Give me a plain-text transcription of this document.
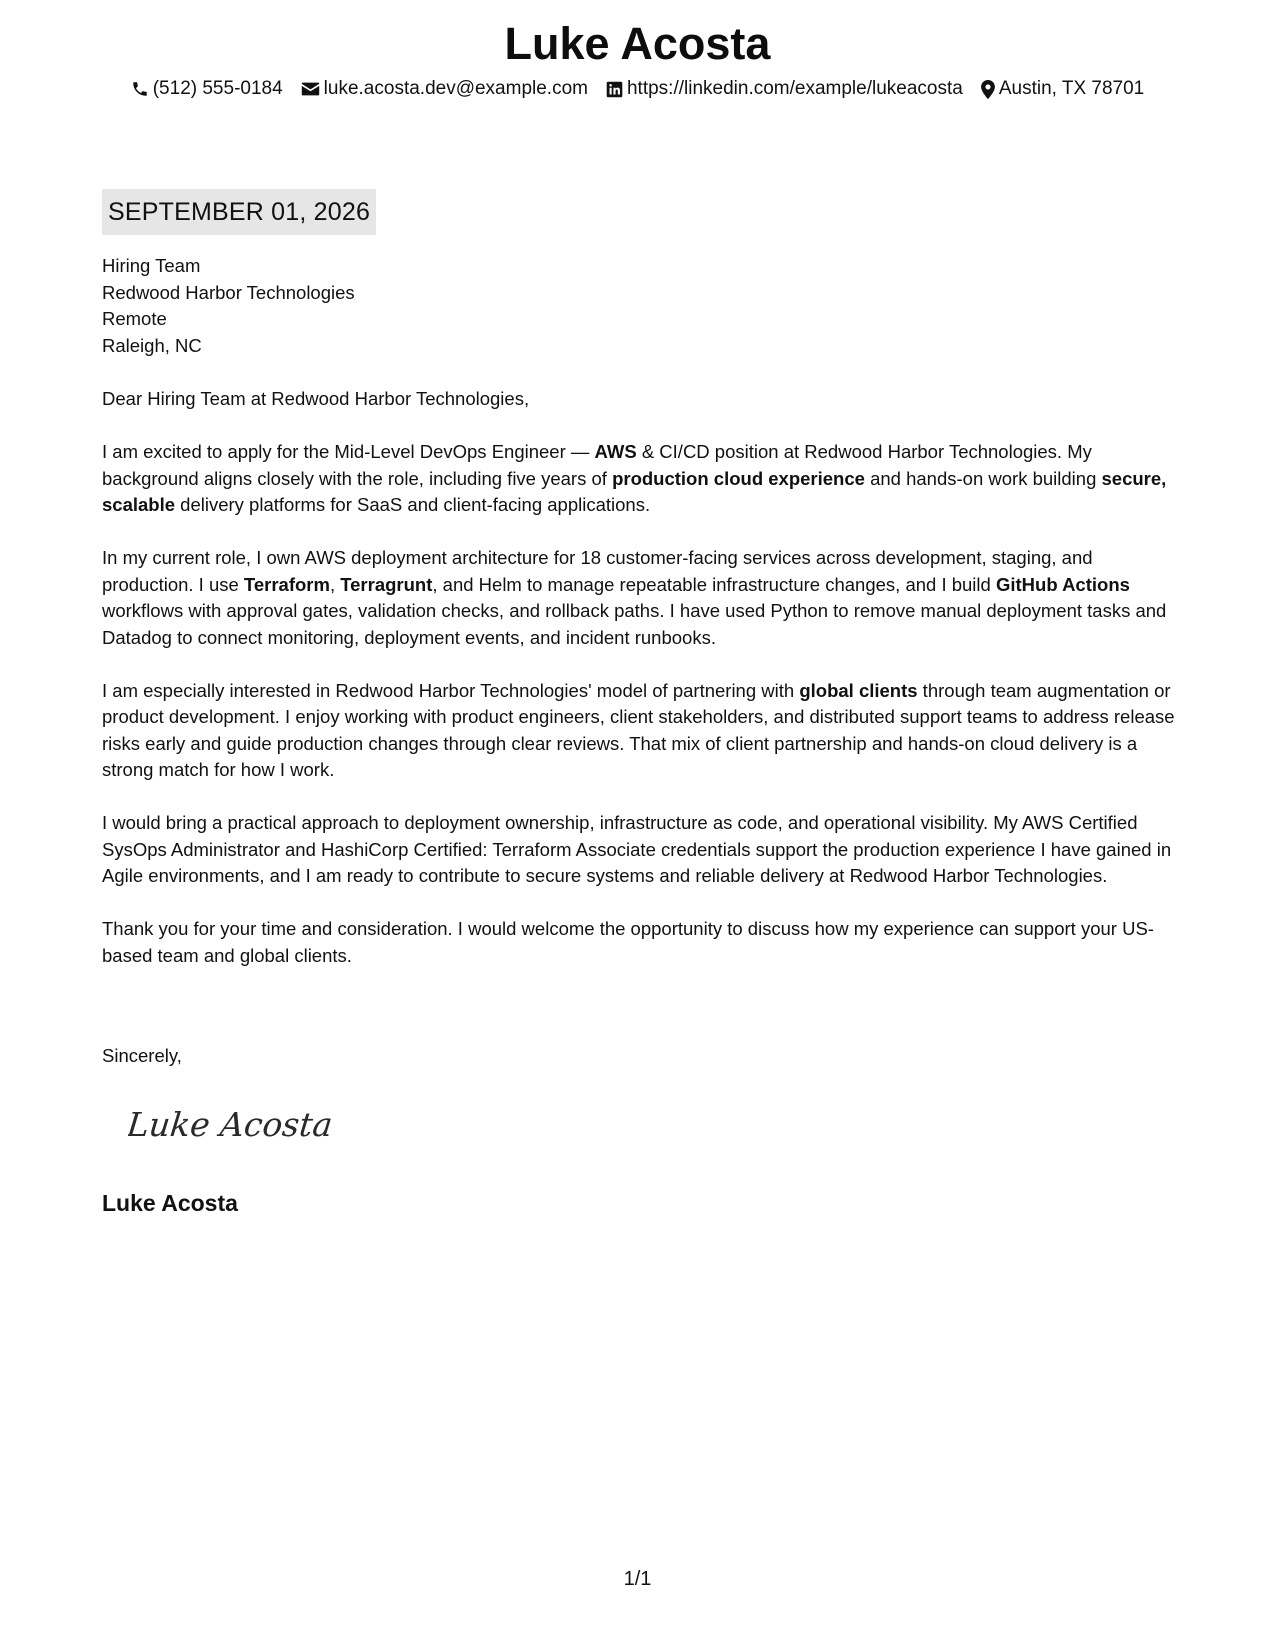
Luke Acosta
(512) 555-0184 luke.acosta.dev@example.com https://linkedin.com/example/lukeacosta Austin, TX 78701
SEPTEMBER 01, 2026
Hiring Team
Redwood Harbor Technologies
Remote
Raleigh, NC
Dear Hiring Team at Redwood Harbor Technologies,

I am excited to apply for the Mid-Level DevOps Engineer — AWS & CI/CD position at Redwood Harbor Technologies. My background aligns closely with the role, including five years of production cloud experience and hands-on work building secure, scalable delivery platforms for SaaS and client-facing applications.

In my current role, I own AWS deployment architecture for 18 customer-facing services across development, staging, and production. I use Terraform, Terragrunt, and Helm to manage repeatable infrastructure changes, and I build GitHub Actions workflows with approval gates, validation checks, and rollback paths. I have used Python to remove manual deployment tasks and Datadog to connect monitoring, deployment events, and incident runbooks.

I am especially interested in Redwood Harbor Technologies' model of partnering with global clients through team augmentation or product development. I enjoy working with product engineers, client stakeholders, and distributed support teams to address release risks early and guide production changes through clear reviews. That mix of client partnership and hands-on cloud delivery is a strong match for how I work.

I would bring a practical approach to deployment ownership, infrastructure as code, and operational visibility. My AWS Certified SysOps Administrator and HashiCorp Certified: Terraform Associate credentials support the production experience I have gained in Agile environments, and I am ready to contribute to secure systems and reliable delivery at Redwood Harbor Technologies.

Thank you for your time and consideration. I would welcome the opportunity to discuss how my experience can support your US-based team and global clients.

Sincerely,
Luke Acosta
Luke Acosta
1/1
